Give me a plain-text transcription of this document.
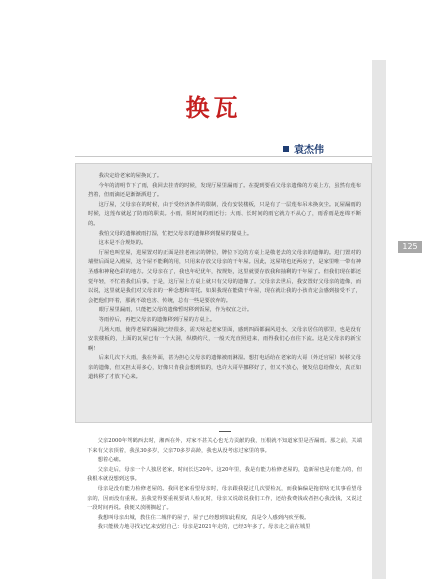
125
换瓦
袁杰伟

我决定给老家的屋换瓦了。

今年的清明节下了雨，我回去挂青的时候，发现厅屋里漏雨了。在提到要看父母亲遗像的方桌上方，虽然有莲布挡着，但雨滴还是渐渐洒进了。

这厅屋，父母亲在的时候，由于受经济条件的限制，没有安装楼板，只是有了一层莲布吊未换灰尘。瓦屋漏雨的时候，这莲布就起了防雨的职责。小雨，阻时间的雨还行；大雨、长时间的雨它就力不从心了，雨香雨是连绵不断的。

我怕父母的遗像被雨打湿，忙把父母亲的遗像移到餐屋的餐桌上。

这本是不合规矩的。

厅屋也叫堂屋，进屋置对的正面是挂老祖宗的牌位，牌位下边的方桌上是敬老去的父母亲的遗像的。进门置对的墙壁后面是入殿屋，这个屋不能剩的用，只用来存放父母亲的干年屋。因此，这屋堵也还两房子，是家里唯一带有神圣感和神秘色彩的地方。父母亲在了，我也年纪优年，按规矩，这里就要存放我和抽剩的干年屋了。但我们现在都还觉年轻，不忙着我们后事。于是，这厅屋上方桌上就只有父母的遗像了。父母亲去世后，我安置好父母亲的遗像，而以说，这里就是我们对父母亲的一种念想和寄托。如果我现在能做干年屋，现在就让我的小孩肯定会感到接受不了，会把他们吓着，那就不敢也害、传统，总有一些是要放弃的。

眼厅屋里漏雨，只能把父母的遗像暂时移到饭屋，作为权宜之计。

等雨停后，再把父母亲的遗像移到厅屋的方桌上。

几场大雨，使得老屋的漏洞已经很多，需天啥起老家里面，感到四面都漏风进水，父母亲居住的那里，也是没有安装楼板的，上面的瓦屋已有一个大洞，纵横约尺，一般天光直照进来，雨得我们心直往下流。这是父母亲的新宝啊！

后来几次下大雨，我在外面，甚为担心父母亲的遗像被雨淋湿。想打电话给在老家的大哥（外迁官屋）转移父母亲的遗像，但又担太哥多心，好像只肯我会想到似的，也许大哥早挪移好了，但又不放心，便发信息给僚女，真正如道转移了才放下心来。

父亲2000年驾鹤西去时，湘西在外，对家不甚关心也无力贡献的我，压根就不知道家里是否漏雨。那之前，关端下来有父亲顶着，我虽30多岁，父亲70多岁高龄，我也从没考虑过家里的事。

想着心痛。

父亲走后，母亲一个人独居老家，时间长达20年。这20年里，我是有能力检修老屋的，造新屋也是有能力的，但我根本就没想到这事。

母亲是没有能力检修老屋的。我回老家看望母亲时，母亲跟我提过几次要检瓦，而我偏偏是拖着啥无其事看望母亲的，因而没有重视。虽我觉得要重视要请人检瓦时，母亲又说敢说我们工作，还给我费钱或者担心我没钱，又说过一段时间再说。我便又放刚搁起了。

我想叫母亲出城，教住住二城伴的屋子，屋子已经想到如此程度，真是令人感到内疚至极。

我只能极力地寻找记忆来安慰自己：母亲是2021年走的，已经3年多了。母亲走之前在城里
